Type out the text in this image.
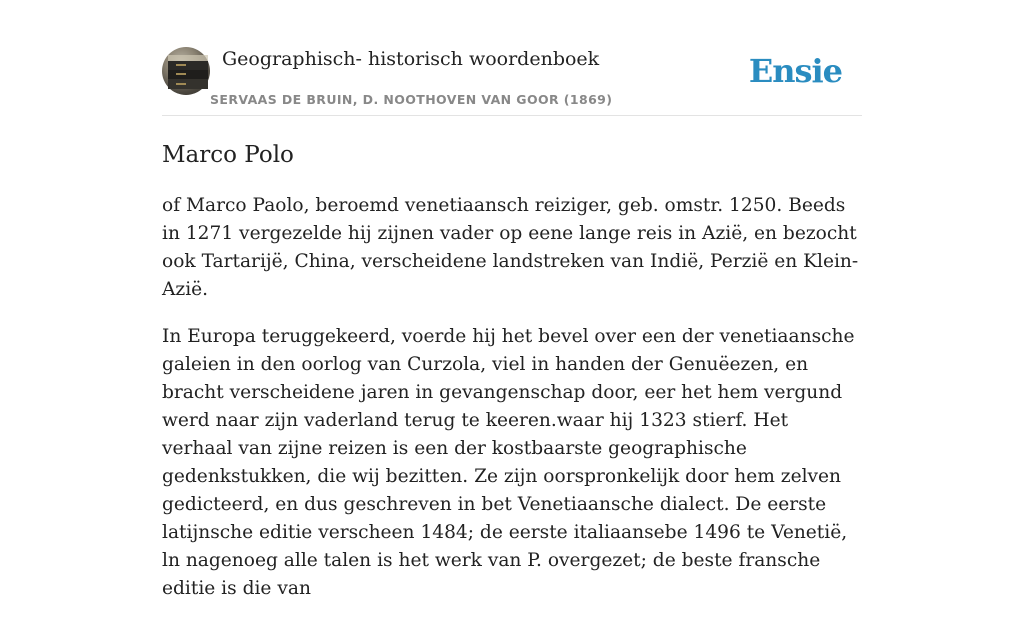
Geographisch- historisch woordenboek
SERVAAS DE BRUIN, D. NOOTHOVEN VAN GOOR (1869)
Ensie
Marco Polo

of Marco Paolo, beroemd venetiaansch reiziger, geb. omstr. 1250. Beeds in 1271 vergezelde hij zijnen vader op eene lange reis in Azië, en bezocht ook Tartarijë, China, verscheidene landstreken van Indië, Perzië en Klein-Azië.

In Europa teruggekeerd, voerde hij het bevel over een der venetiaansche galeien in den oorlog van Curzola, viel in handen der Genuëezen, en bracht verscheidene jaren in gevangenschap door, eer het hem vergund werd naar zijn vaderland terug te keeren.waar hij 1323 stierf. Het verhaal van zijne reizen is een der kostbaarste geographische gedenkstukken, die wij bezitten. Ze zijn oorspronkelijk door hem zelven gedicteerd, en dus geschreven in bet Venetiaansche dialect. De eerste latijnsche editie verscheen 1484; de eerste italiaansebe 1496 te Venetië, ln nagenoeg alle talen is het werk van P. overgezet; de beste fransche editie is die van
